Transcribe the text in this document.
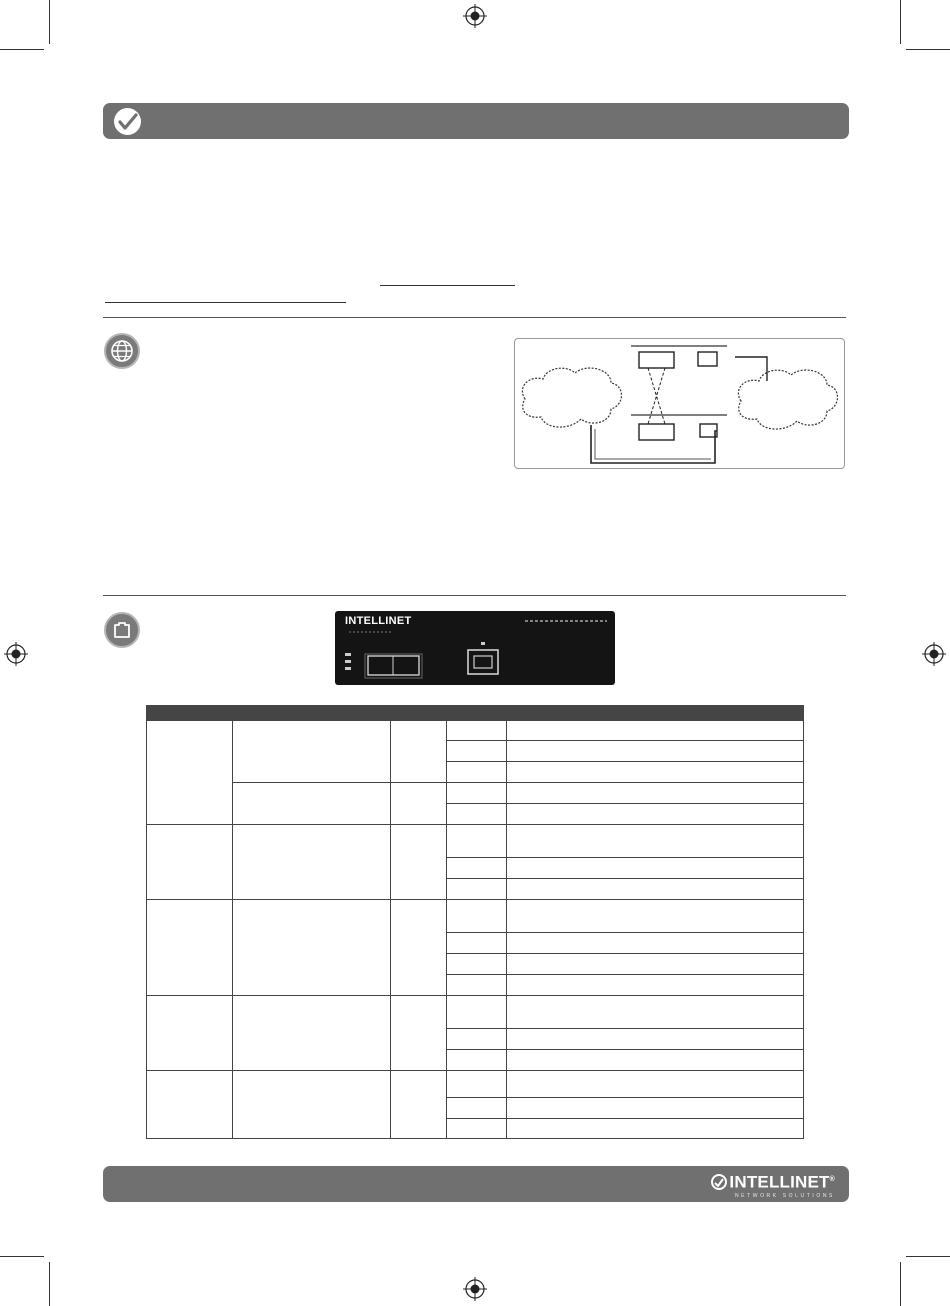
INTELLINET

INTELLINET®
NETWORK SOLUTIONS
